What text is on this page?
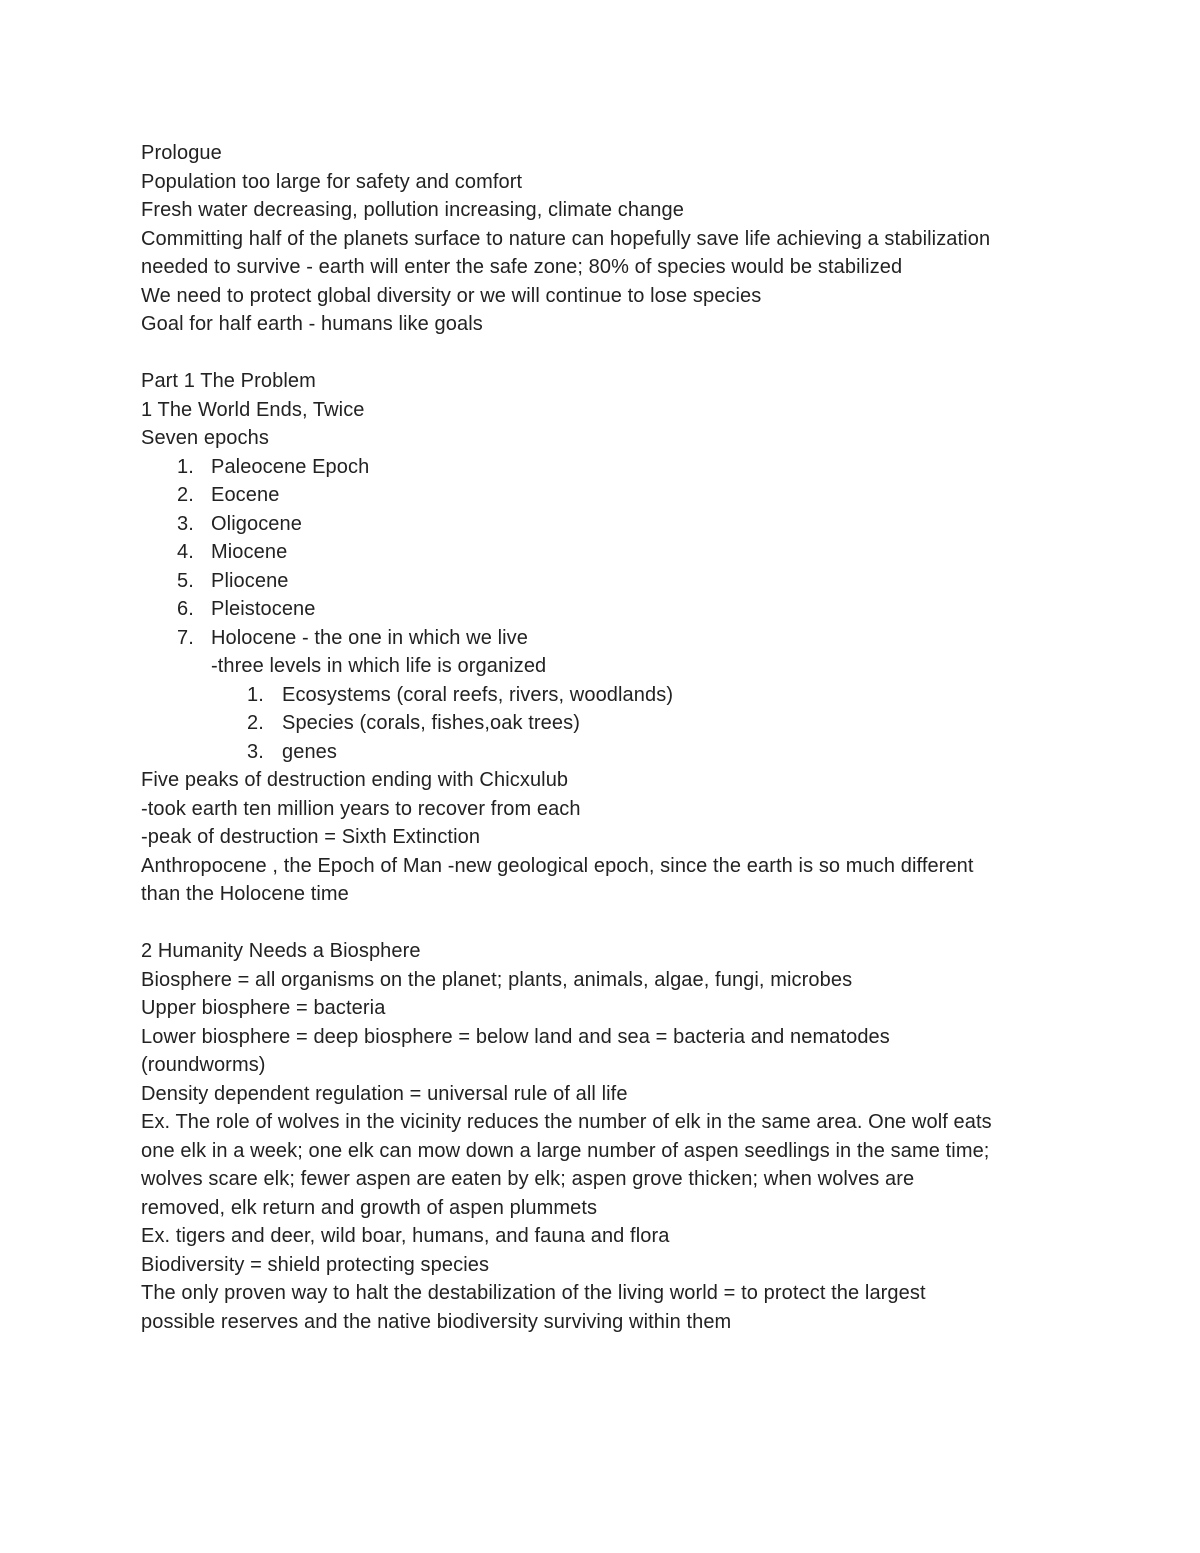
Prologue

Population too large for safety and comfort

Fresh water decreasing, pollution increasing, climate change

Committing half of the planets surface to nature can hopefully save life achieving a stabilization

needed to survive - earth will enter the safe zone; 80% of species would be stabilized

We need to protect global diversity or we will continue to lose species

Goal for half earth - humans like goals

Part 1 The Problem

1 The World Ends, Twice

Seven epochs

1. Paleocene Epoch
2. Eocene
3. Oligocene
4. Miocene
5. Pliocene
6. Pleistocene
7. Holocene - the one in which we live

-three levels in which life is organized

1. Ecosystems (coral reefs, rivers, woodlands)
2. Species (corals, fishes,oak trees)
3. genes

Five peaks of destruction ending with Chicxulub

-took earth ten million years to recover from each

-peak of destruction = Sixth Extinction

Anthropocene , the Epoch of Man -new geological epoch, since the earth is so much different

than the Holocene time

2 Humanity Needs a Biosphere

Biosphere = all organisms on the planet; plants, animals, algae, fungi, microbes

Upper biosphere = bacteria

Lower biosphere = deep biosphere = below land and sea = bacteria and nematodes

(roundworms)

Density dependent regulation = universal rule of all life

Ex. The role of wolves in the vicinity reduces the number of elk in the same area. One wolf eats

one elk in a week; one elk can mow down a large number of aspen seedlings in the same time;

wolves scare elk; fewer aspen are eaten by elk; aspen grove thicken; when wolves are

removed, elk return and growth of aspen plummets

Ex. tigers and deer, wild boar, humans, and fauna and flora

Biodiversity = shield protecting species

The only proven way to halt the destabilization of the living world = to protect the largest

possible reserves and the native biodiversity surviving within them
